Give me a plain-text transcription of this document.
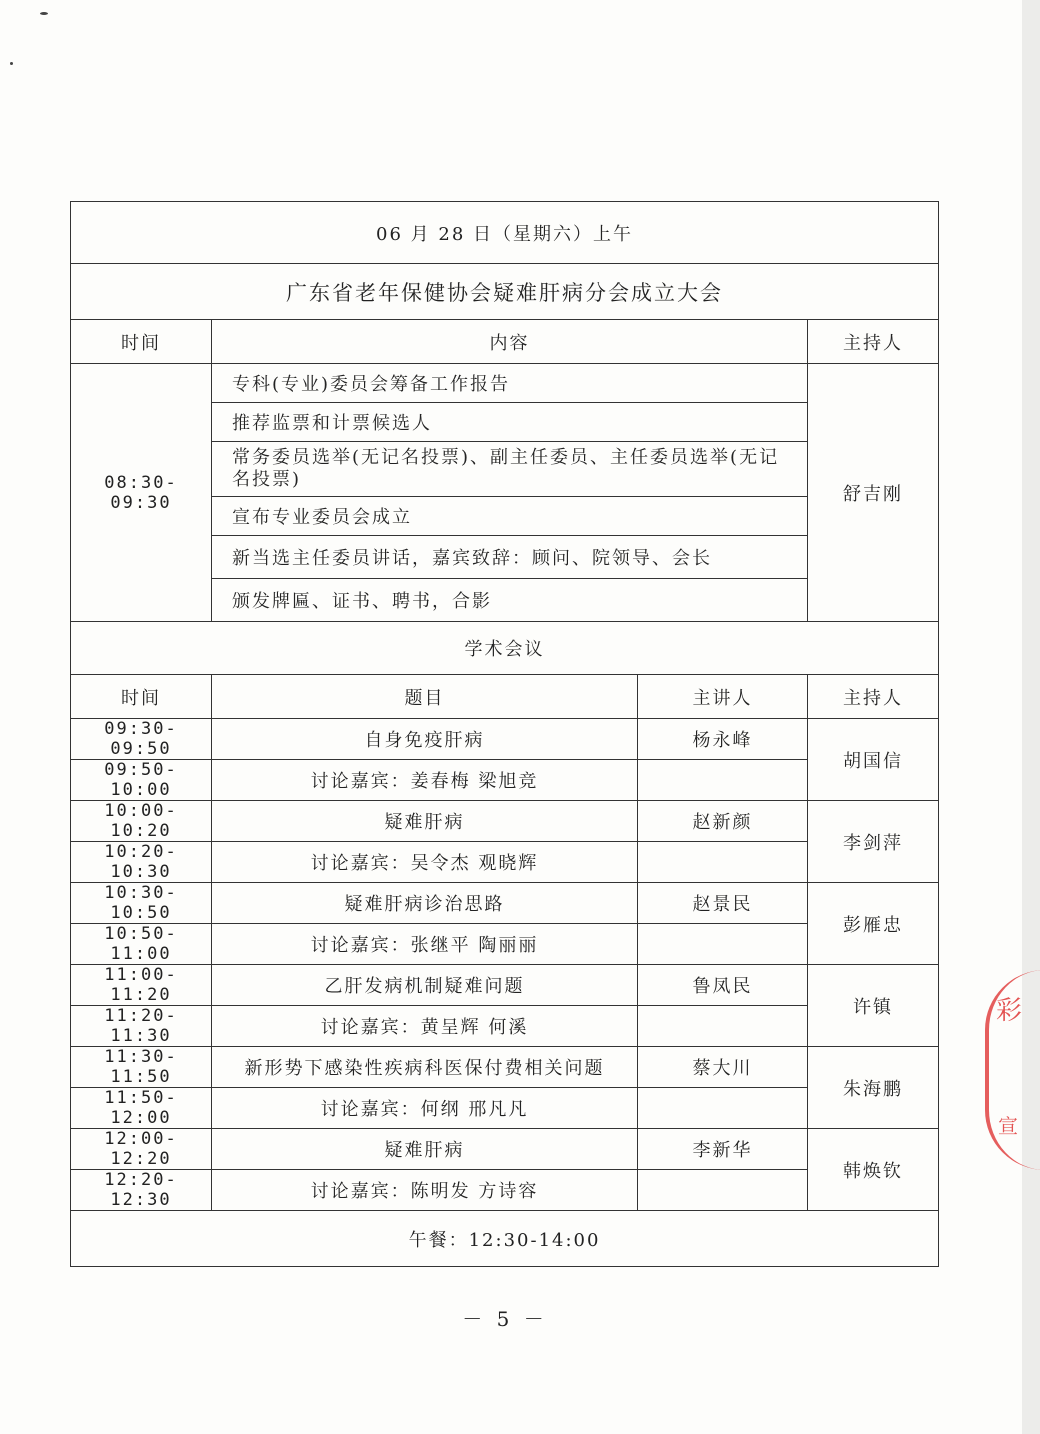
06 月 28 日（星期六）上午			
广东省老年保健协会疑难肝病分会成立大会			
时间	内容		主持人
08:30-09:30	专科(专业)委员会筹备工作报告		舒吉刚
	推荐监票和计票候选人		
	常务委员选举(无记名投票)、副主任委员、主任委员选举(无记名投票)		
	宣布专业委员会成立		
	新当选主任委员讲话，嘉宾致辞：顾问、院领导、会长		
	颁发牌匾、证书、聘书，合影		
学术会议			
时间	题目	主讲人	主持人
09:30-09:50	自身免疫肝病	杨永峰	胡国信
09:50-10:00	讨论嘉宾：姜春梅 梁旭竞		
10:00-10:20	疑难肝病	赵新颜	李剑萍
10:20-10:30	讨论嘉宾：吴令杰 观晓辉		
10:30-10:50	疑难肝病诊治思路	赵景民	彭雁忠
10:50-11:00	讨论嘉宾：张继平 陶丽丽		
11:00-11:20	乙肝发病机制疑难问题	鲁凤民	许镇
11:20-11:30	讨论嘉宾：黄呈辉 何溪		
11:30-11:50	新形势下感染性疾病科医保付费相关问题	蔡大川	朱海鹏
11:50-12:00	讨论嘉宾：何纲 邢凡凡		
12:00-12:20	疑难肝病	李新华	韩焕钦
12:20-12:30	讨论嘉宾：陈明发 方诗容		
午餐：12:30-14:00			
－ 5 －
彩
宣
